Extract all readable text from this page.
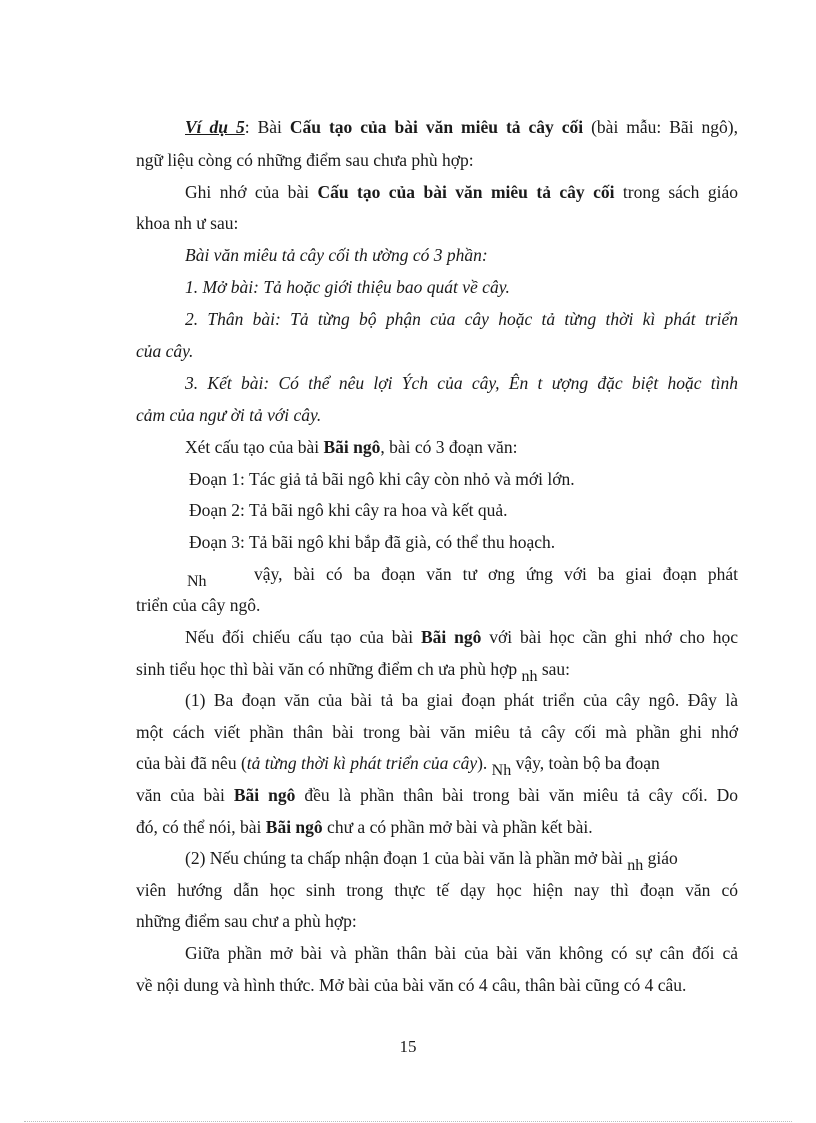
Ví dụ 5: Bài Cấu tạo của bài văn miêu tả cây cối (bài mẫu: Bãi ngô),
ngữ liệu còng có những điểm sau chưa phù hợp:
Ghi nhớ của bài Cấu tạo của bài văn miêu tả cây cối trong sách giáo
khoa nh ư sau:
Bài văn miêu tả cây cối th ường có 3 phần:
1. Mở bài: Tả hoặc giới thiệu bao quát về cây.
2. Thân bài: Tả từng bộ phận của cây hoặc tả từng thời kì phát triển
của cây.
3. Kết bài: Có thể nêu lợi Ých của cây, Ên t ượng đặc biệt hoặc tình
cảm của ngư ời tả với cây.
Xét cấu tạo của bài Bãi ngô, bài có 3 đoạn văn:
Đoạn 1: Tác giả tả bãi ngô khi cây còn nhỏ và mới lớn.
Đoạn 2: Tả bãi ngô khi cây ra hoa và kết quả.
Đoạn 3: Tả bãi ngô khi bắp đã già, có thể thu hoạch.
Nh	vậy, bài có ba đoạn văn tư ơng ứng với ba giai đoạn phát
triển của cây ngô.
Nếu đối chiếu cấu tạo của bài Bãi ngô với bài học cần ghi nhớ cho học
sinh tiểu học thì bài văn có những điểm ch ưa phù hợp nh sau:
(1) Ba đoạn văn của bài tả ba giai đoạn phát triển của cây ngô. Đây là
một cách viết phần thân bài trong bài văn miêu tả cây cối mà phần ghi nhớ
của bài đã nêu (tả từng thời kì phát triển của cây). Nh vậy, toàn bộ ba đoạn
văn của bài Bãi ngô đều là phần thân bài trong bài văn miêu tả cây cối. Do
đó, có thể nói, bài Bãi ngô chư a có phần mở bài và phần kết bài.
(2) Nếu chúng ta chấp nhận đoạn 1 của bài văn là phần mở bài nh giáo
viên hướng dẫn học sinh trong thực tế dạy học hiện nay thì đoạn văn có
những điểm sau chư a phù hợp:
Giữa phần mở bài và phần thân bài của bài văn không có sự cân đối cả
về nội dung và hình thức. Mở bài của bài văn có 4 câu, thân bài cũng có 4 câu.
15
